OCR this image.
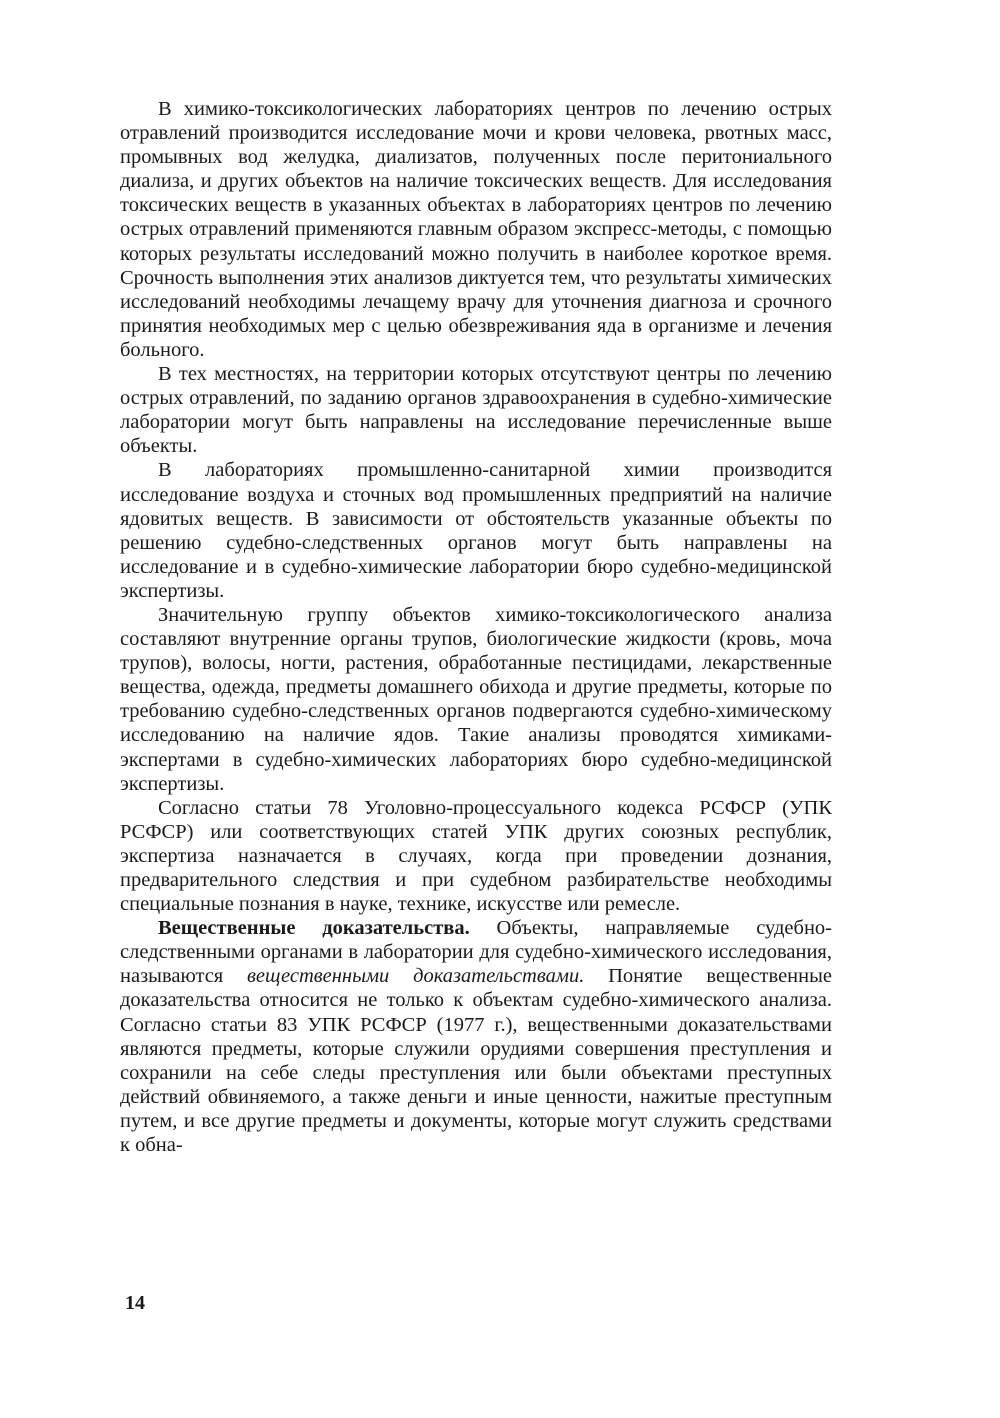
В химико-токсикологических лабораториях центров по лечению острых отравлений производится исследование мочи и крови человека, рвотных масс, промывных вод желудка, диализатов, полученных после перитониального диализа, и других объектов на наличие токсических веществ. Для исследования токсических веществ в указанных объектах в лабораториях центров по лечению острых отравлений применяются главным образом экспресс-методы, с помощью которых результаты исследований можно получить в наиболее короткое время. Срочность выполнения этих анализов диктуется тем, что результаты химических исследований необходимы лечащему врачу для уточнения диагноза и срочного принятия необходимых мер с целью обезвреживания яда в организме и лечения больного.

В тех местностях, на территории которых отсутствуют центры по лечению острых отравлений, по заданию органов здравоохранения в судебно-химические лаборатории могут быть направлены на исследование перечисленные выше объекты.

В лабораториях промышленно-санитарной химии производится исследование воздуха и сточных вод промышленных предприятий на наличие ядовитых веществ. В зависимости от обстоятельств указанные объекты по решению судебно-следственных органов могут быть направлены на исследование и в судебно-химические лаборатории бюро судебно-медицинской экспертизы.

Значительную группу объектов химико-токсикологического анализа составляют внутренние органы трупов, биологические жидкости (кровь, моча трупов), волосы, ногти, растения, обработанные пестицидами, лекарственные вещества, одежда, предметы домашнего обихода и другие предметы, которые по требованию судебно-следственных органов подвергаются судебно-химическому исследованию на наличие ядов. Такие анализы проводятся химиками-экспертами в судебно-химических лабораториях бюро судебно-медицинской экспертизы.

Согласно статьи 78 Уголовно-процессуального кодекса РСФСР (УПК РСФСР) или соответствующих статей УПК других союзных республик, экспертиза назначается в случаях, когда при проведении дознания, предварительного следствия и при судебном разбирательстве необходимы специальные познания в науке, технике, искусстве или ремесле.

Вещественные доказательства. Объекты, направляемые судебно-следственными органами в лаборатории для судебно-химического исследования, называются вещественными доказательствами. Понятие вещественные доказательства относится не только к объектам судебно-химического анализа. Согласно статьи 83 УПК РСФСР (1977 г.), вещественными доказательствами являются предметы, которые служили орудиями совершения преступления и сохранили на себе следы преступления или были объектами преступных действий обвиняемого, а также деньги и иные ценности, нажитые преступным путем, и все другие предметы и документы, которые могут служить средствами к обна-

14
